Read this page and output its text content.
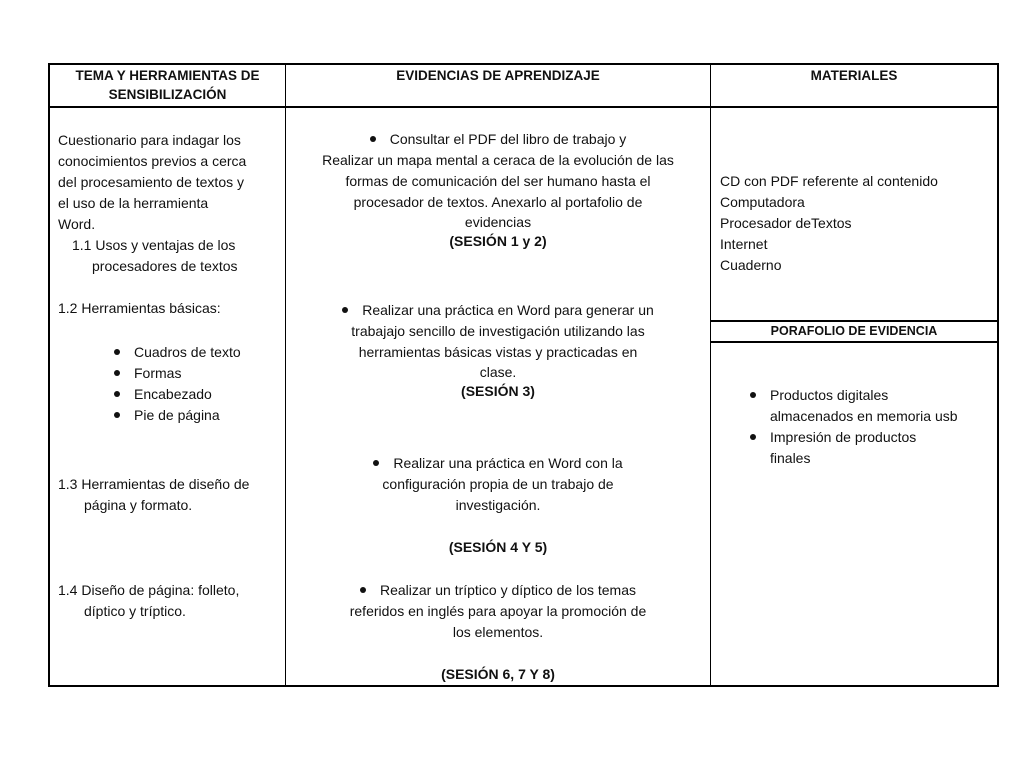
TEMA Y HERRAMIENTAS DE SENSIBILIZACIÓN
EVIDENCIAS DE APRENDIZAJE	MATERIALES
PORAFOLIO DE EVIDENCIA
Cuestionario para indagar los
conocimientos previos a cerca
del procesamiento de textos y
el uso de la herramienta
Word.
1.1 Usos y ventajas de los
procesadores de textos
1.2 Herramientas básicas:
Cuadros de texto
Formas
Encabezado
Pie de página
1.3 Herramientas de diseño de
página y formato.
1.4 Diseño de página: folleto,
díptico y tríptico.
Consultar el PDF del libro de trabajo y
Realizar un mapa mental a ceraca de la evolución de las
formas de comunicación del ser humano hasta el
procesador de textos. Anexarlo al portafolio de
evidencias
(SESIÓN 1 y 2)
Realizar una práctica en Word para generar un
trabajajo sencillo de investigación utilizando las
herramientas básicas vistas y practicadas en
clase.
(SESIÓN 3)
Realizar una práctica en Word con la
configuración propia de un trabajo de
investigación.
(SESIÓN 4 Y 5)
Realizar un tríptico y díptico de los temas
referidos en inglés para apoyar la promoción de
los elementos.
(SESIÓN 6, 7 Y 8)
CD con PDF referente al contenido
Computadora
Procesador deTextos
Internet
Cuaderno
Productos digitales
almacenados en memoria usb
Impresión de productos
finales
